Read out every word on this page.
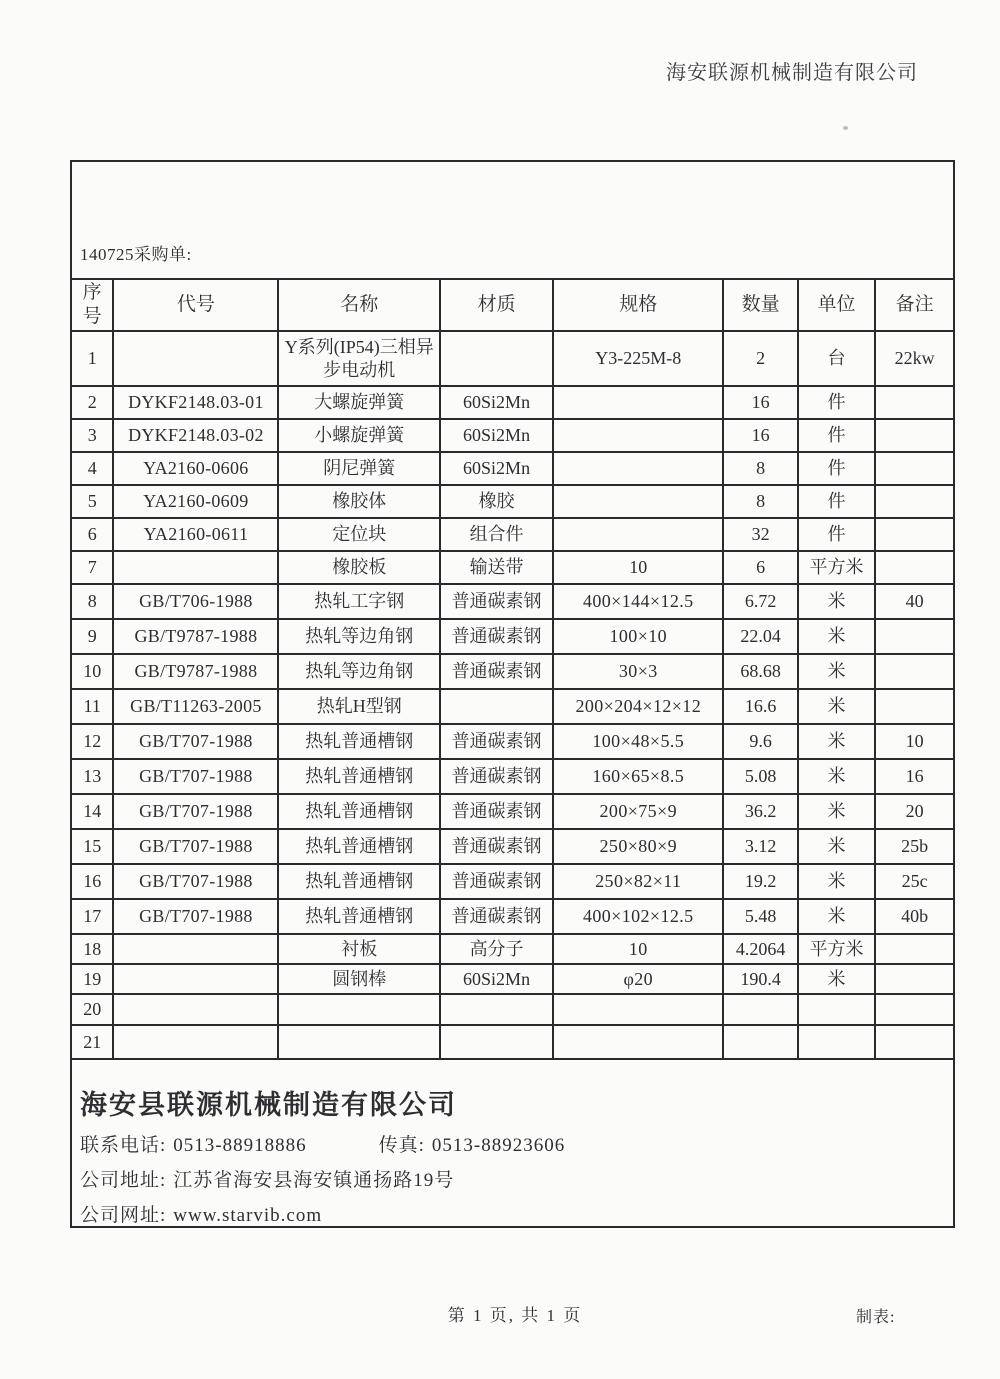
海安联源机械制造有限公司
140725采购单:
序号	代号	名称	材质	规格	数量	单位	备注
1		Y系列(IP54)三相异步电动机		Y3-225M-8	2	台	22kw
2	DYKF2148.03-01	大螺旋弹簧	60Si2Mn		16	件	
3	DYKF2148.03-02	小螺旋弹簧	60Si2Mn		16	件	
4	YA2160-0606	阴尼弹簧	60Si2Mn		8	件	
5	YA2160-0609	橡胶体	橡胶		8	件	
6	YA2160-0611	定位块	组合件		32	件	
7		橡胶板	输送带	10	6	平方米	
8	GB/T706-1988	热轧工字钢	普通碳素钢	400×144×12.5	6.72	米	40
9	GB/T9787-1988	热轧等边角钢	普通碳素钢	100×10	22.04	米	
10	GB/T9787-1988	热轧等边角钢	普通碳素钢	30×3	68.68	米	
11	GB/T11263-2005	热轧H型钢		200×204×12×12	16.6	米	
12	GB/T707-1988	热轧普通槽钢	普通碳素钢	100×48×5.5	9.6	米	10
13	GB/T707-1988	热轧普通槽钢	普通碳素钢	160×65×8.5	5.08	米	16
14	GB/T707-1988	热轧普通槽钢	普通碳素钢	200×75×9	36.2	米	20
15	GB/T707-1988	热轧普通槽钢	普通碳素钢	250×80×9	3.12	米	25b
16	GB/T707-1988	热轧普通槽钢	普通碳素钢	250×82×11	19.2	米	25c
17	GB/T707-1988	热轧普通槽钢	普通碳素钢	400×102×12.5	5.48	米	40b
18		衬板	高分子	10	4.2064	平方米	
19		圆钢棒	60Si2Mn	φ20	190.4	米	
20							
21							
海安县联源机械制造有限公司
联系电话: 0513-88918886	传真: 0513-88923606
公司地址: 江苏省海安县海安镇通扬路19号
公司网址: www.starvib.com
第 1 页, 共 1 页	制表:
